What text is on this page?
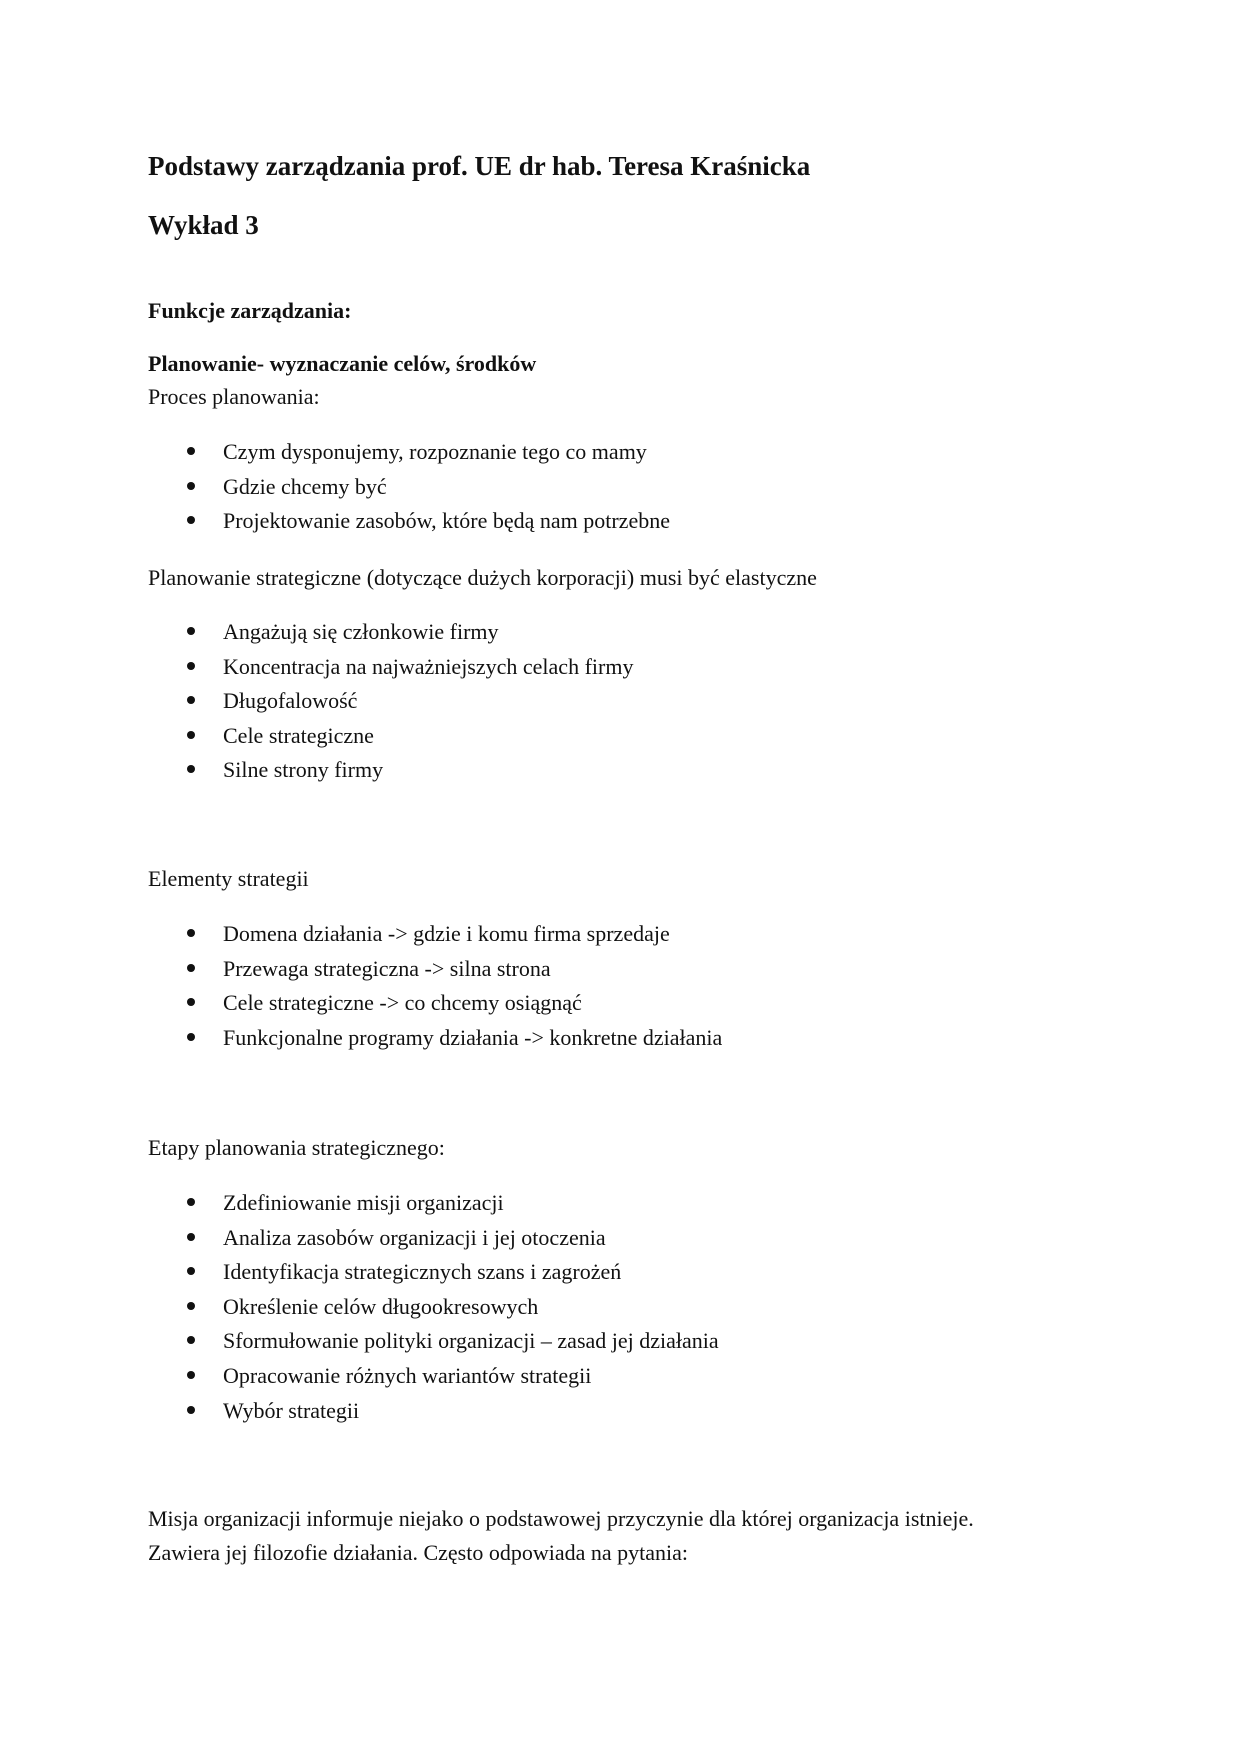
Podstawy zarządzania prof. UE dr hab. Teresa Kraśnicka
Wykład 3
Funkcje zarządzania:
Planowanie- wyznaczanie celów, środków

Proces planowania:

Czym dysponujemy, rozpoznanie tego co mamy
Gdzie chcemy być
Projektowanie zasobów, które będą nam potrzebne

Planowanie strategiczne (dotyczące dużych korporacji) musi być elastyczne

Angażują się członkowie firmy
Koncentracja na najważniejszych celach firmy
Długofalowość
Cele strategiczne
Silne strony firmy

Elementy strategii

Domena działania -> gdzie i komu firma sprzedaje
Przewaga strategiczna -> silna strona
Cele strategiczne -> co chcemy osiągnąć
Funkcjonalne programy działania -> konkretne działania

Etapy planowania strategicznego:

Zdefiniowanie misji organizacji
Analiza zasobów organizacji i jej otoczenia
Identyfikacja strategicznych szans i zagrożeń
Określenie celów długookresowych
Sformułowanie polityki organizacji – zasad jej działania
Opracowanie różnych wariantów strategii
Wybór strategii

Misja organizacji informuje niejako o podstawowej przyczynie dla której organizacja istnieje.

Zawiera jej filozofie działania. Często odpowiada na pytania:
